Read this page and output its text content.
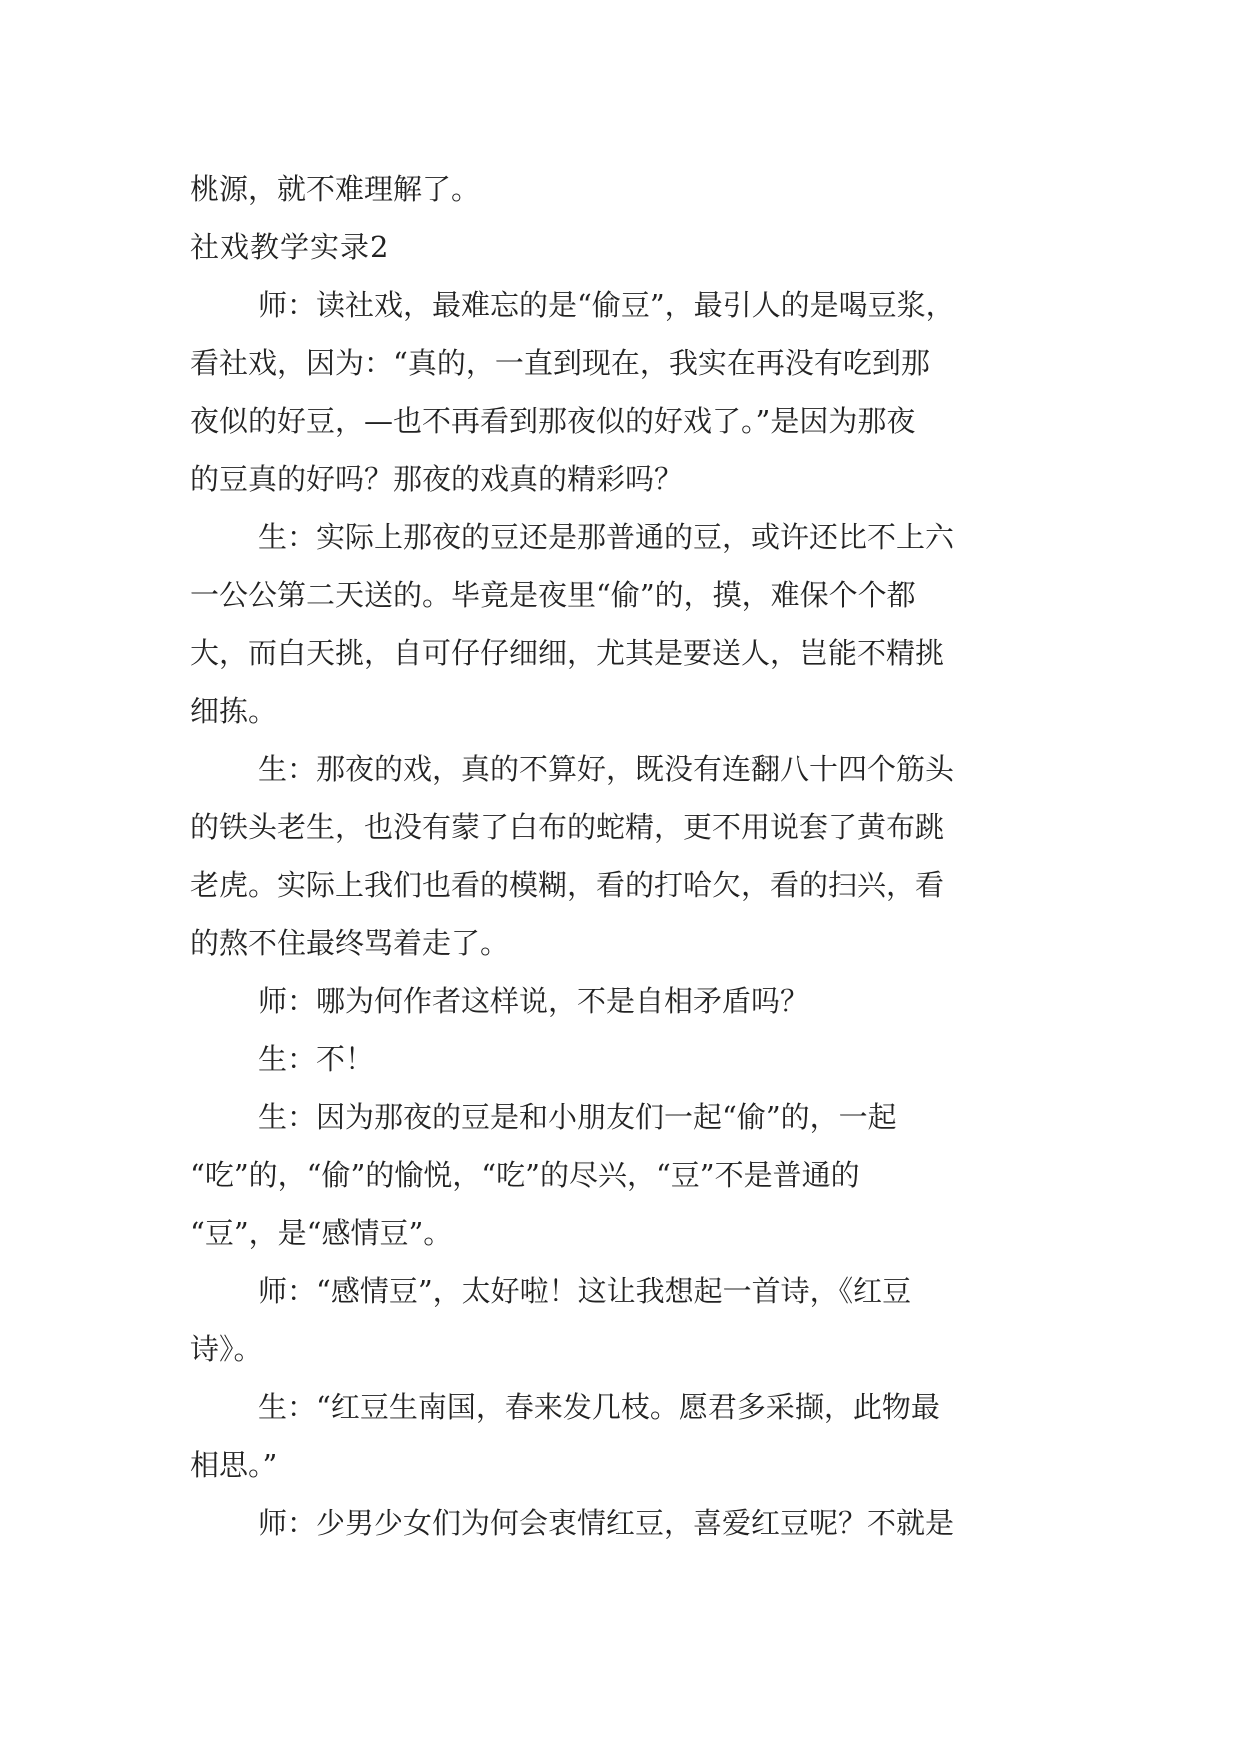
桃源，就不难理解了。
社戏教学实录2
师：读社戏，最难忘的是“偷豆”，最引人的是喝豆浆，
看社戏，因为：“真的，一直到现在，我实在再没有吃到那
夜似的好豆，—也不再看到那夜似的好戏了。”是因为那夜
的豆真的好吗？那夜的戏真的精彩吗？
生：实际上那夜的豆还是那普通的豆，或许还比不上六
一公公第二天送的。毕竟是夜里“偷”的，摸，难保个个都
大，而白天挑，自可仔仔细细，尤其是要送人，岂能不精挑
细拣。
生：那夜的戏，真的不算好，既没有连翻八十四个筋头
的铁头老生，也没有蒙了白布的蛇精，更不用说套了黄布跳
老虎。实际上我们也看的模糊，看的打哈欠，看的扫兴，看
的熬不住最终骂着走了。
师：哪为何作者这样说，不是自相矛盾吗？
生：不！
生：因为那夜的豆是和小朋友们一起“偷”的，一起
“吃”的，“偷”的愉悦，“吃”的尽兴，“豆”不是普通的
“豆”，是“感情豆”。
师：“感情豆”，太好啦！这让我想起一首诗，《红豆
诗》。
生：“红豆生南国，春来发几枝。愿君多采撷，此物最
相思。”
师：少男少女们为何会衷情红豆，喜爱红豆呢？不就是
